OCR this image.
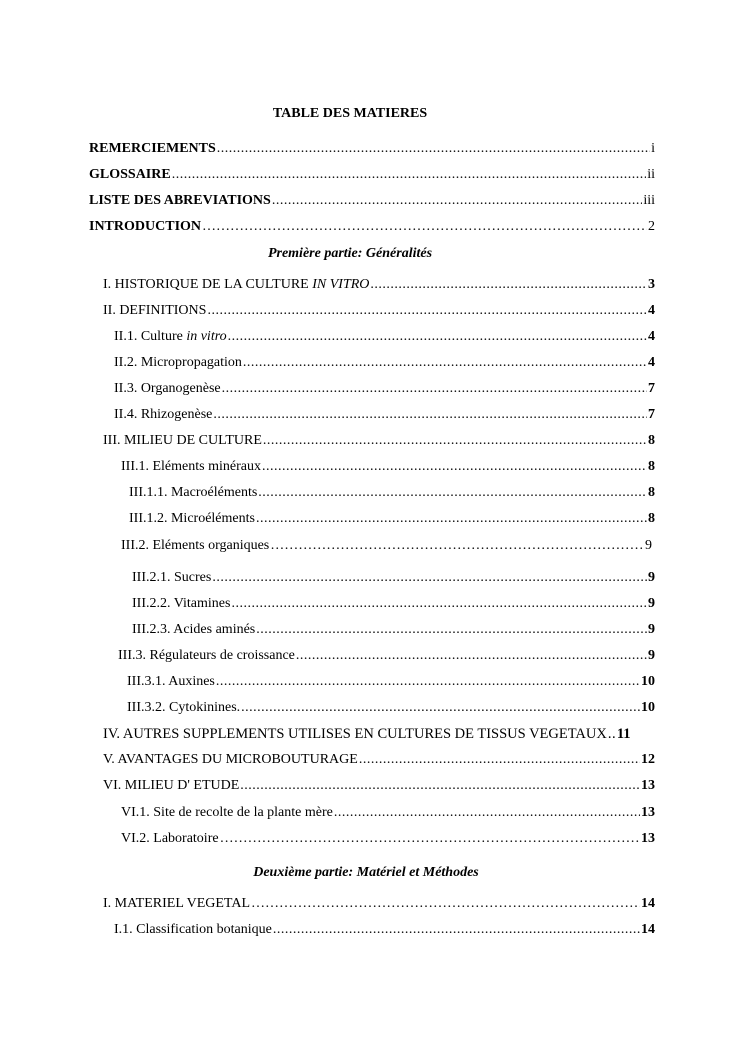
TABLE DES MATIERES
REMERCIEMENTS .....	i
GLOSSAIRE .....	ii
LISTE DES ABREVIATIONS .....	iii
INTRODUCTION ………………………………………………………………………………………………………………………………	2
Première partie: Généralités
I. HISTORIQUE DE LA CULTURE IN VITRO .....	3
II. DEFINITIONS .....	4
II.1. Culture in vitro .....	4
II.2. Micropropagation .....	4
II.3. Organogenèse .....	7
II.4. Rhizogenèse .....	7
III. MILIEU DE CULTURE .....	8
III.1. Eléments minéraux .....	8
III.1.1. Macroéléments .....	8
III.1.2. Microéléments .....	8
III.2. Eléments organiques ………………………………………………………………………………………………………………………………	9
III.2.1. Sucres .....	9
III.2.2. Vitamines .....	9
III.2.3. Acides aminés .....	9
III.3. Régulateurs de croissance .....	9
III.3.1. Auxines .....	10
III.3.2. Cytokinines. .....	10
IV. AUTRES SUPPLEMENTS UTILISES EN CULTURES DE TISSUS VEGETAUX ..... 11
V. AVANTAGES DU MICROBOUTURAGE .....	12
VI. MILIEU D' ETUDE .....	13
VI.1. Site de recolte de la plante mère .....	13
VI.2. Laboratoire ………………………………………………………………………………………………………………………………	13
Deuxième partie: Matériel et Méthodes
I. MATERIEL VEGETAL ………………………………………………………………………………………………………………………………	14
I.1. Classification botanique .....	14
